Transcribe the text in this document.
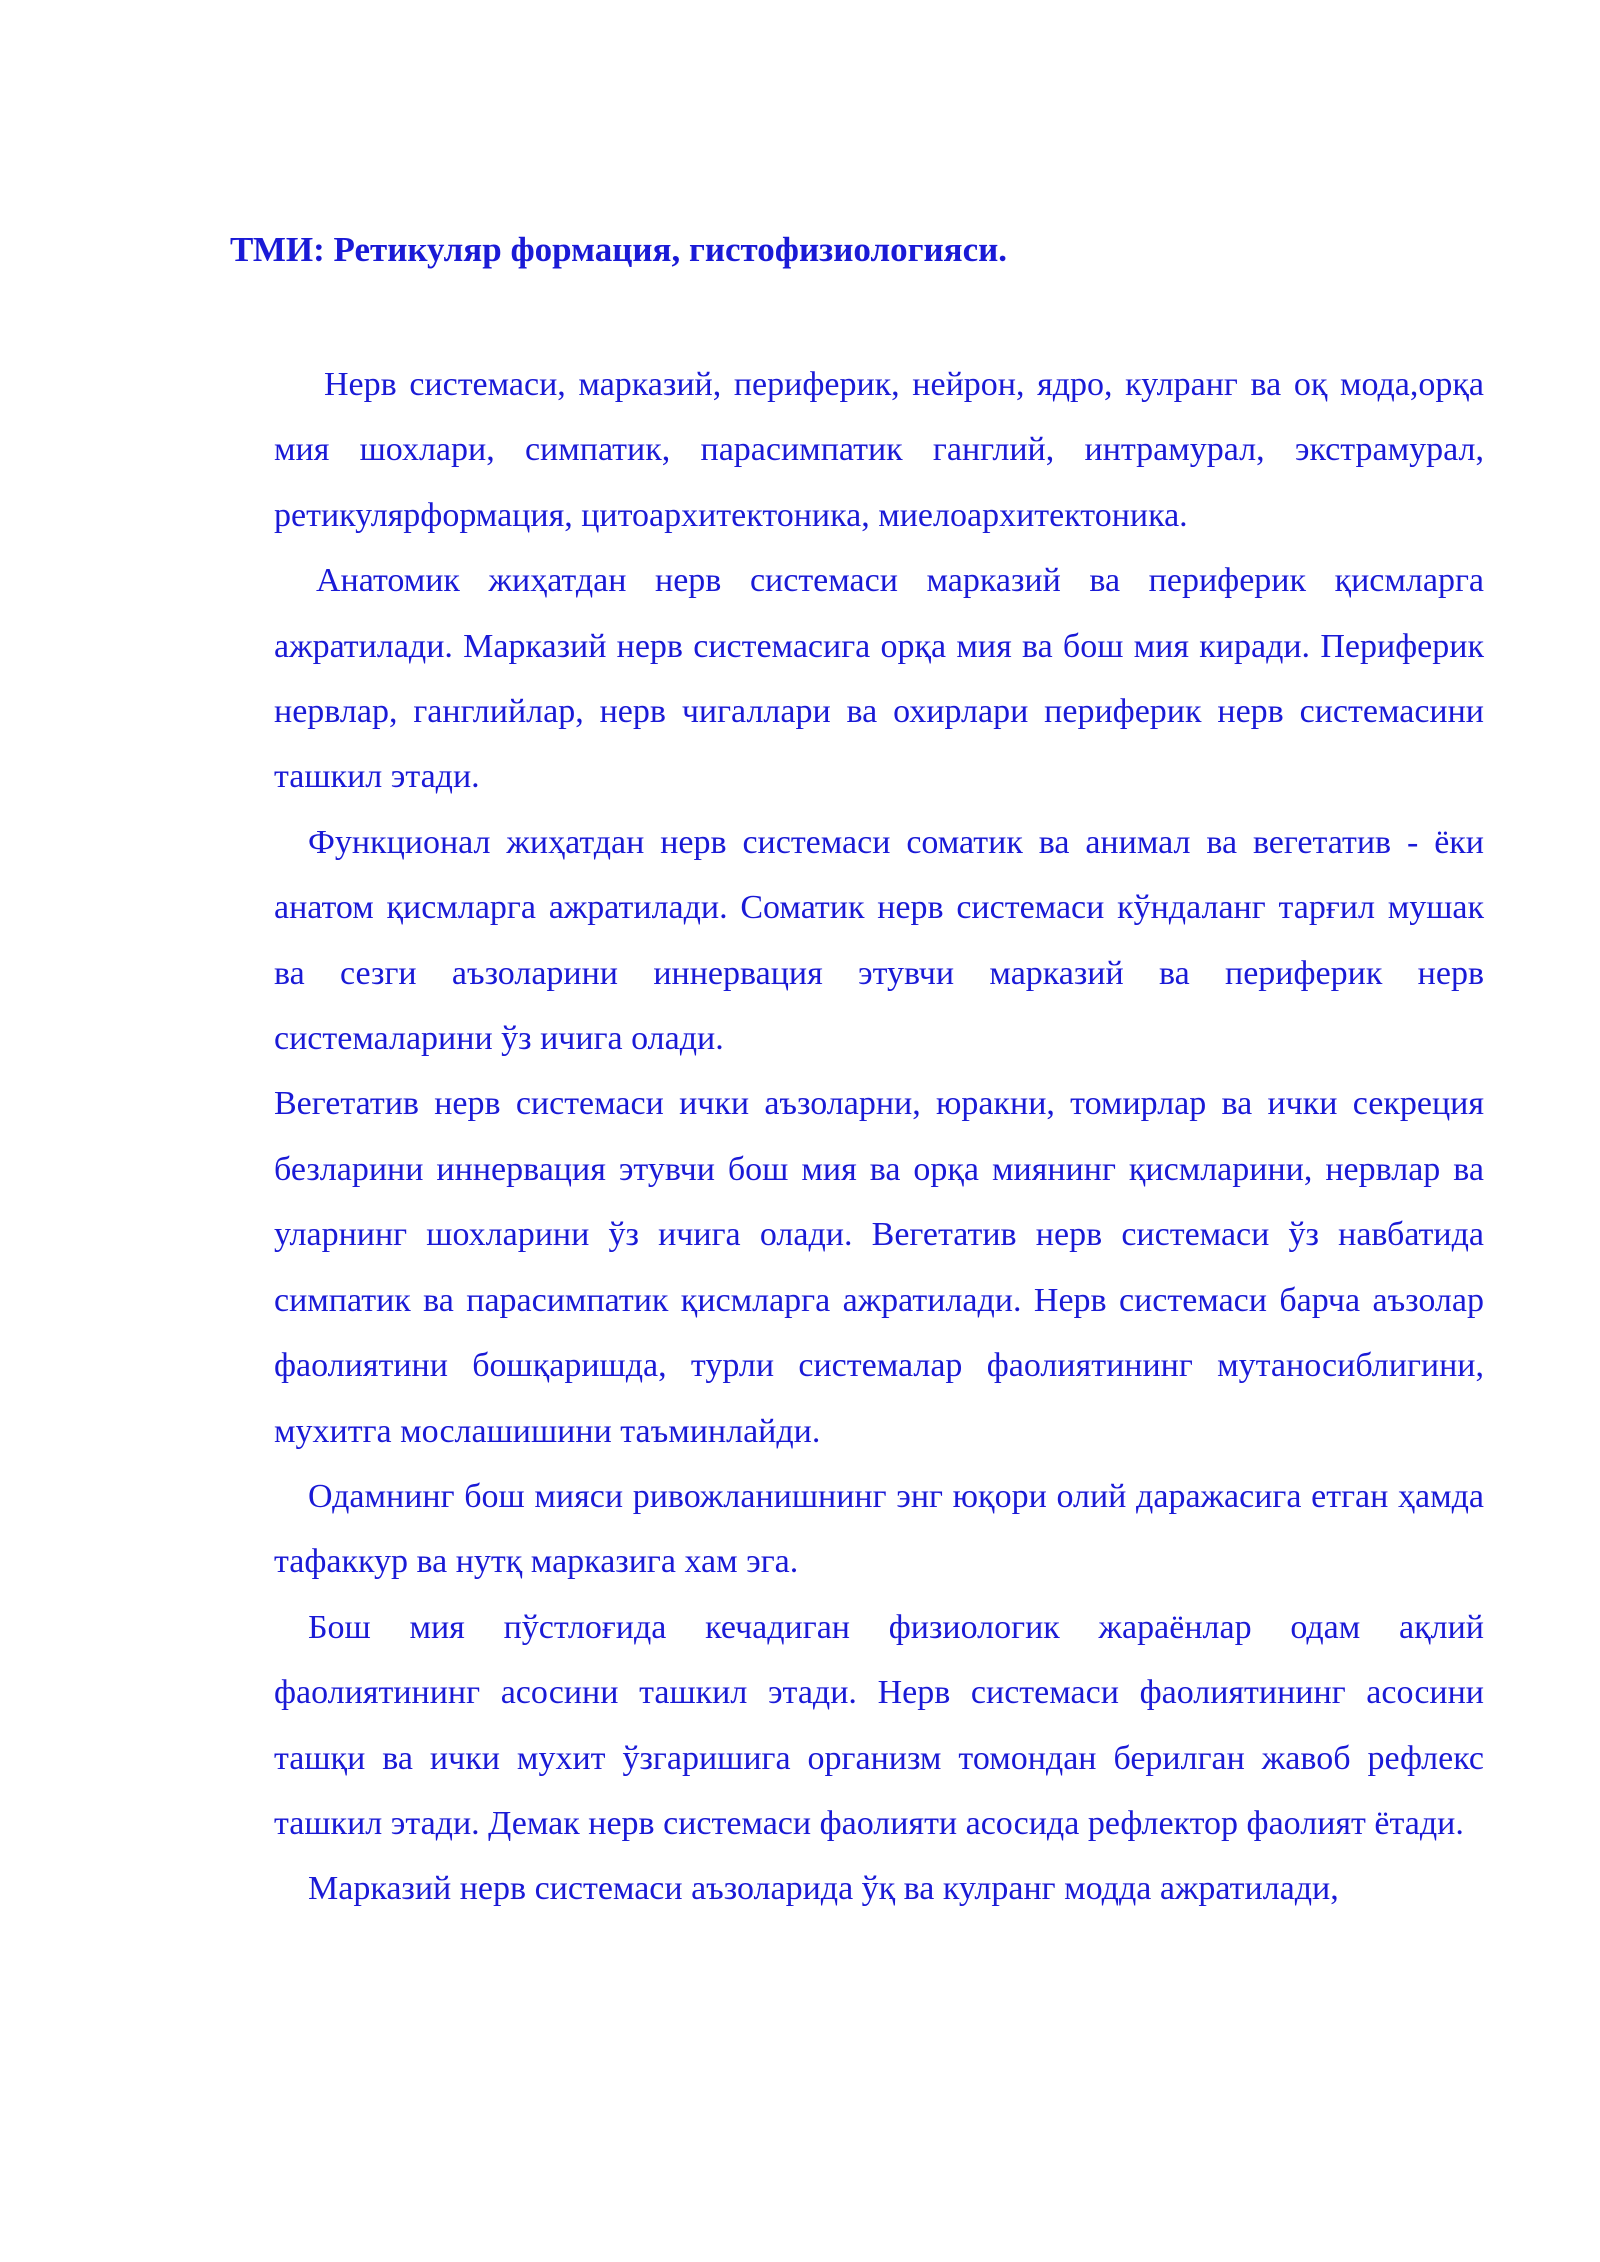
ТМИ: Ретикуляр формация, гистофизиологияси.

Нерв системаси, марказий, периферик, нейрон, ядро, кулранг ва оқ мода,орқа мия шохлари, симпатик, парасимпатик ганглий, интрамурал, экстрамурал, ретикулярформация, цитоархитектоника, миелоархитектоника.

Анатомик жиҳатдан нерв системаси марказий ва периферик қисмларга ажратилади. Марказий нерв системасига орқа мия ва бош мия киради. Периферик нервлар, ганглийлар, нерв чигаллари ва охирлари периферик нерв системасини ташкил этади.

Функционал жиҳатдан нерв системаси соматик ва анимал ва вегетатив - ёки анатом қисмларга ажратилади. Соматик нерв системаси кўндаланг тарғил мушак ва сезги аъзоларини иннервация этувчи марказий ва периферик нерв системаларини ўз ичига олади.

Вегетатив нерв системаси ички аъзоларни, юракни, томирлар ва ички секреция безларини иннервация этувчи бош мия ва орқа миянинг қисмларини, нервлар ва уларнинг шохларини ўз ичига олади. Вегетатив нерв системаси ўз навбатида симпатик ва парасимпатик қисмларга ажратилади. Нерв системаси барча аъзолар фаолиятини бошқаришда, турли системалар фаолиятининг мутаносиблигини, мухитга мослашишини таъминлайди.

Одамнинг бош мияси ривожланишнинг энг юқори олий даражасига етган ҳамда тафаккур ва нутқ марказига хам эга.

Бош мия пўстлоғида кечадиган физиологик жараёнлар одам ақлий фаолиятининг асосини ташкил этади. Нерв системаси фаолиятининг асосини ташқи ва ички мухит ўзгаришига организм томондан берилган жавоб рефлекс ташкил этади. Демак нерв системаси фаолияти асосида рефлектор фаолият ётади.

Марказий нерв системаси аъзоларида ўқ ва кулранг модда ажратилади,
